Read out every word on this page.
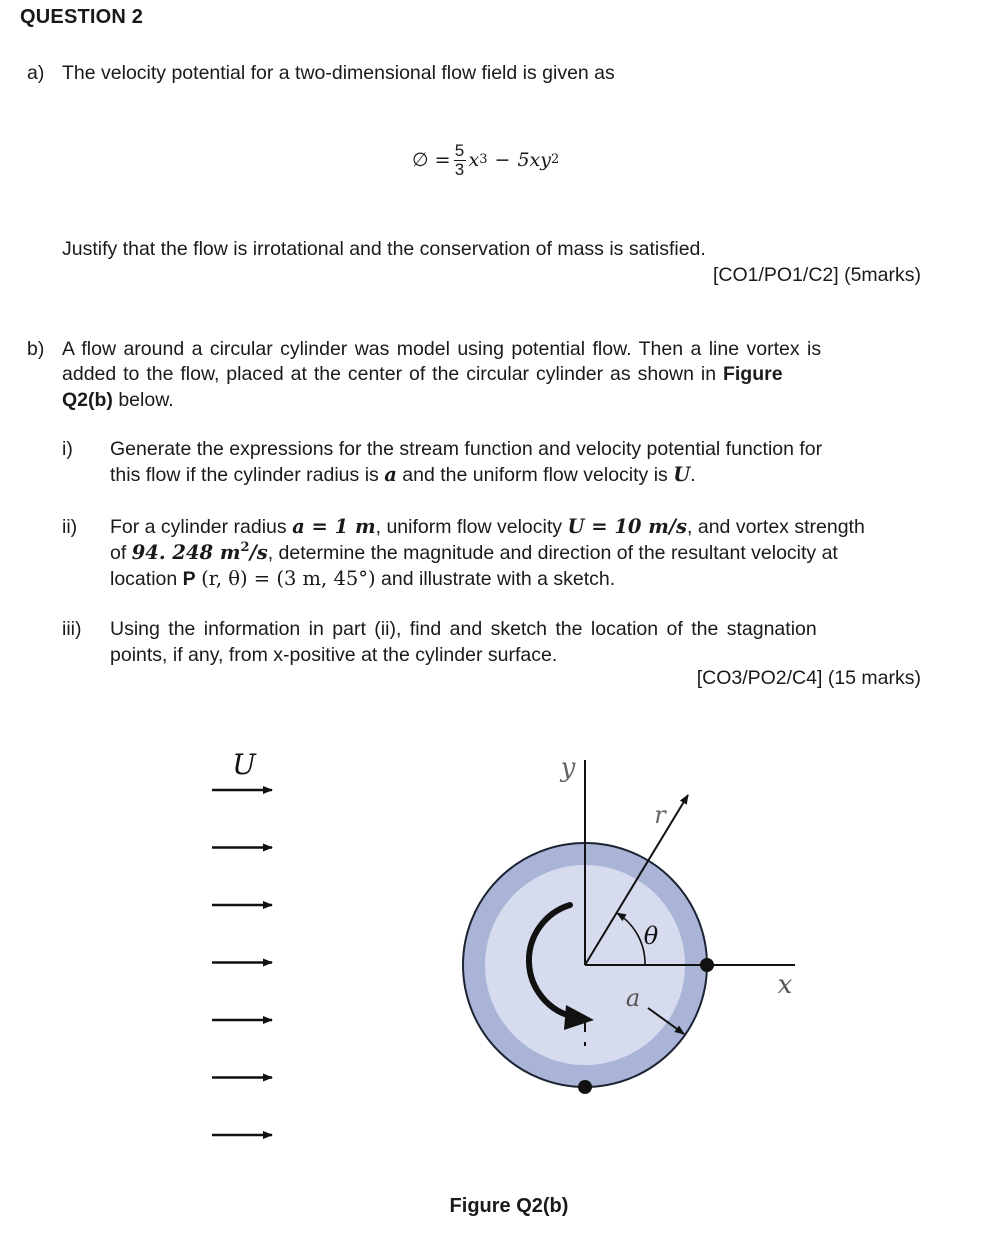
QUESTION 2
a) The velocity potential for a two-dimensional flow field is given as
∅ = $\frac{5}{3}$ x 3 − 5xy 2
Justify that the flow is irrotational and the conservation of mass is satisfied.
[CO1/PO1/C2] (5marks)
b) A flow around a circular cylinder was model using potential flow. Then a line vortex is
added to the flow, placed at the center of the circular cylinder as shown in Figure
Q2(b) below.
i) Generate the expressions for the stream function and velocity potential function for
this flow if the cylinder radius is a and the uniform flow velocity is U.
ii) For a cylinder radius a = 1 m, uniform flow velocity U = 10 m/s, and vortex strength
of 94. 248 $m^2/s$, determine the magnitude and direction of the resultant velocity at
location P (r, θ) = (3 m, 45°) and illustrate with a sketch.
iii) Using the information in part (ii), find and sketch the location of the stagnation
points, if any, from x-positive at the cylinder surface.
[CO3/PO2/C4] (15 marks)
U	y
x
r
θ
a
Figure Q2(b)
